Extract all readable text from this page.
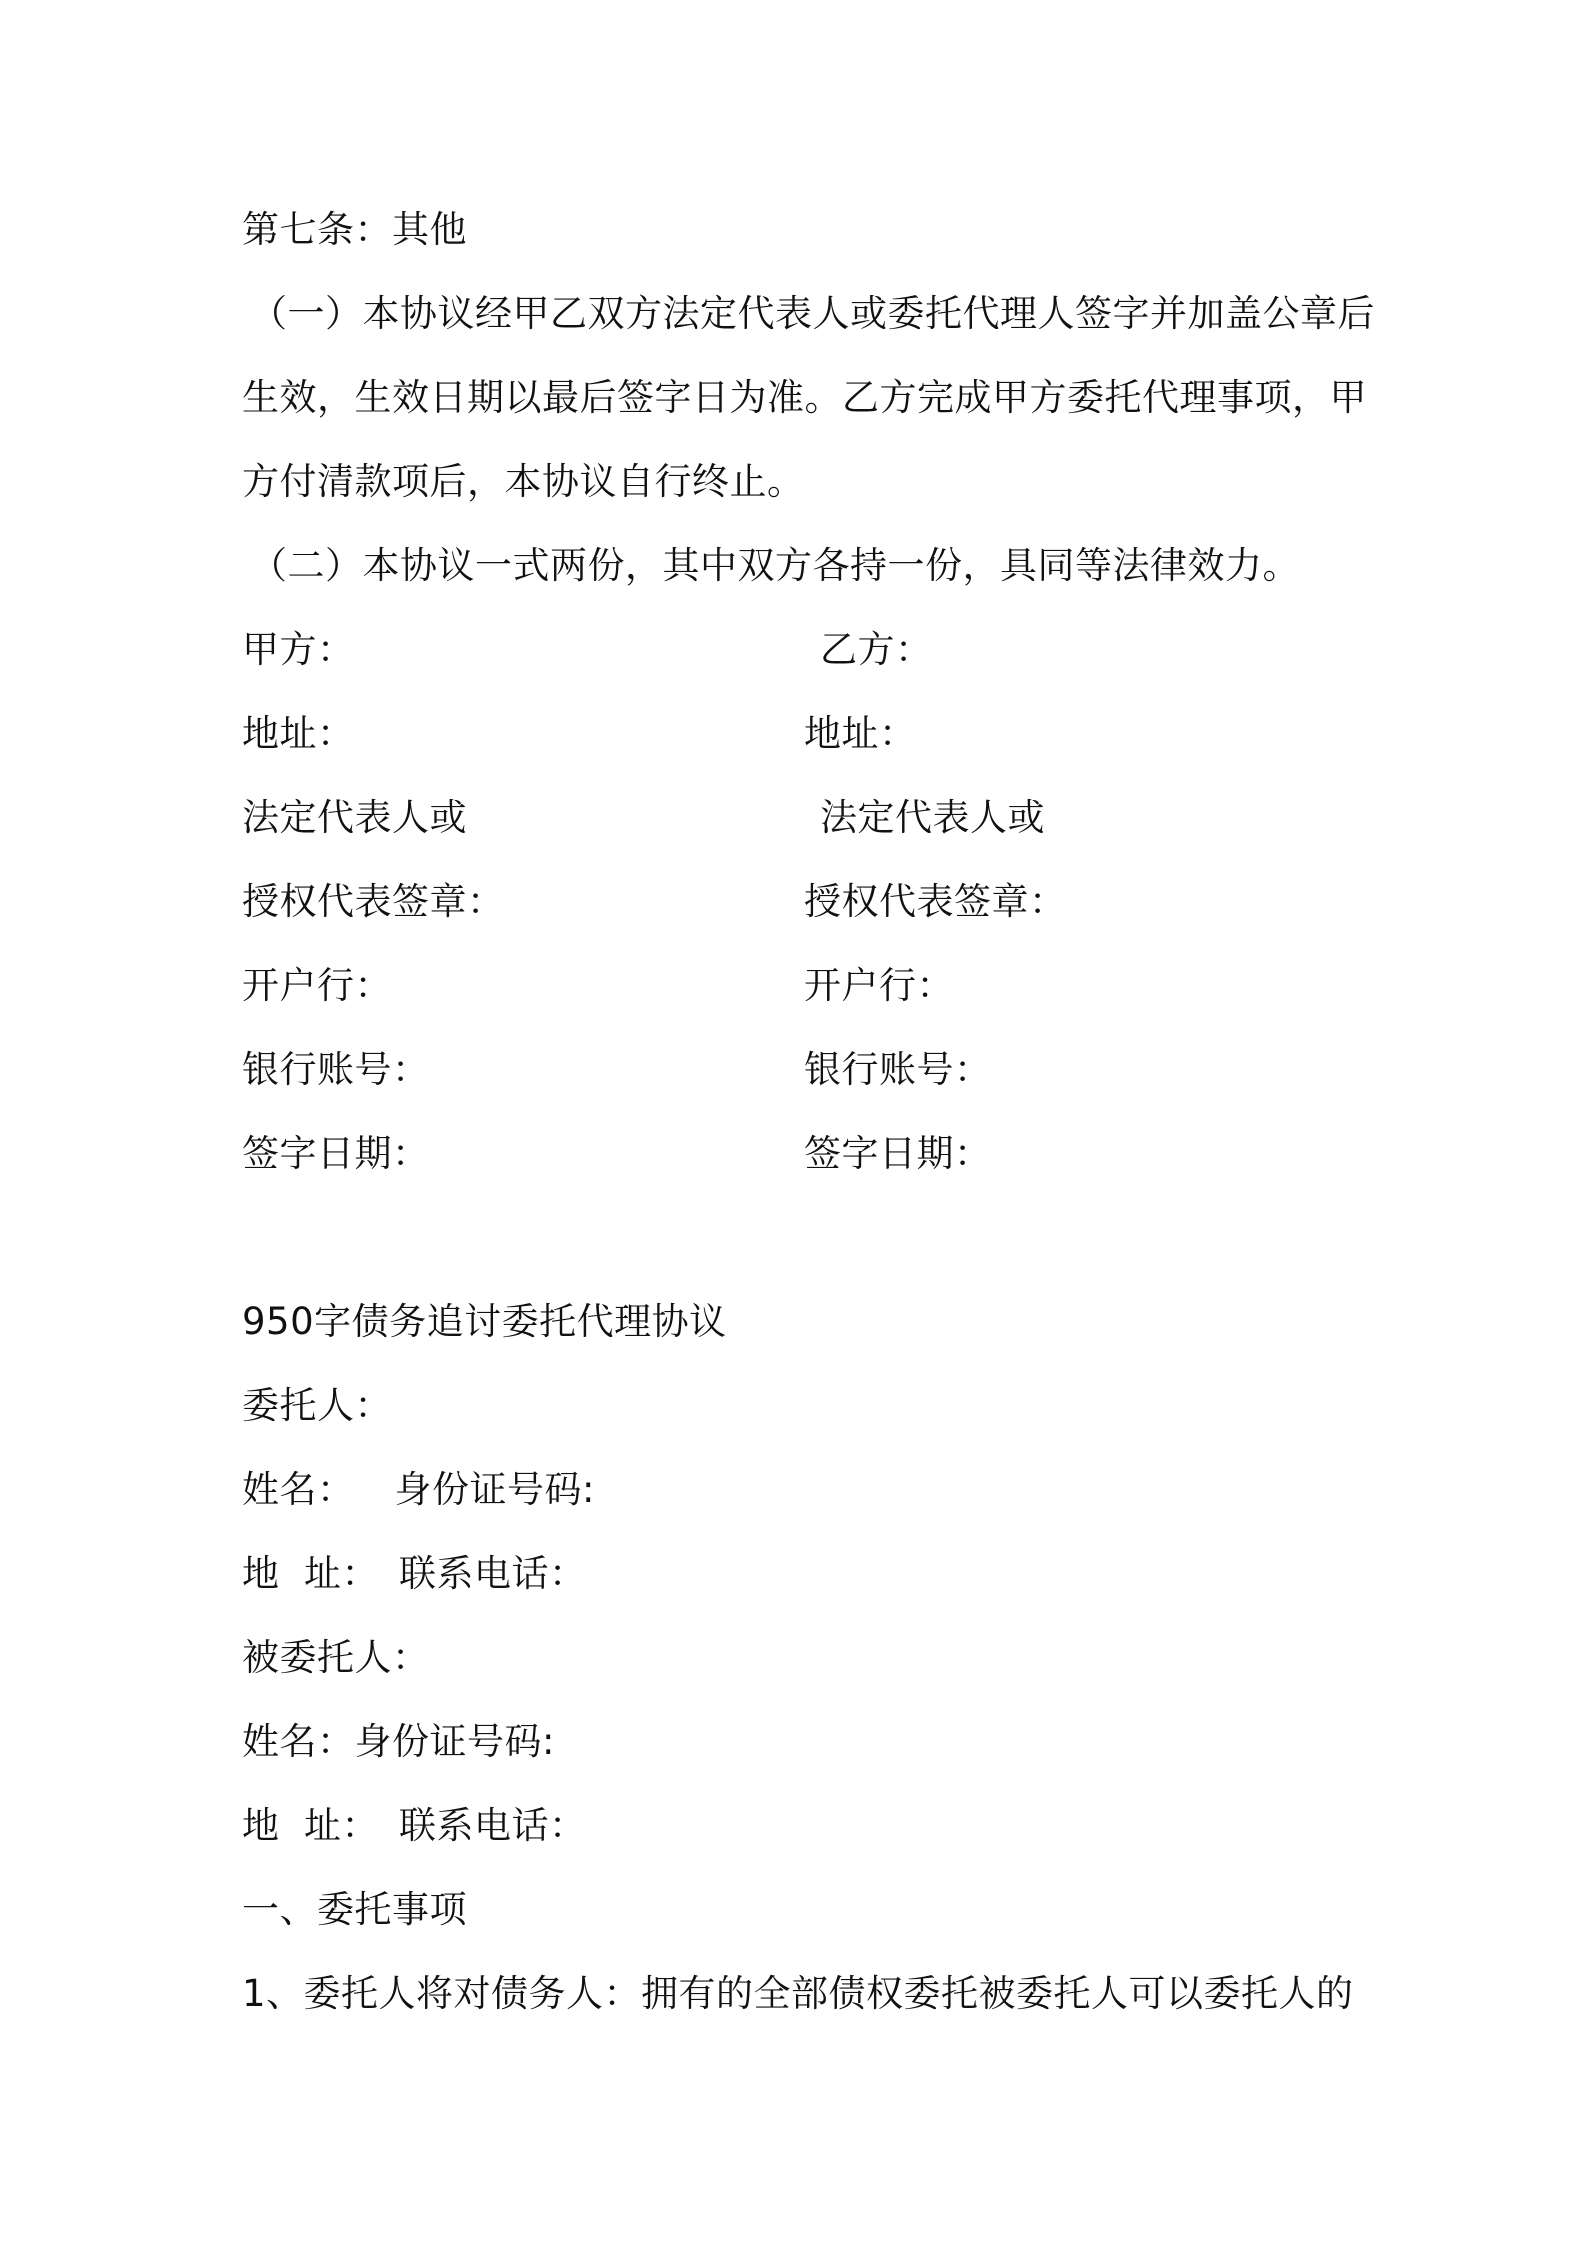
第七条：其他
（一）本协议经甲乙双方法定代表人或委托代理人签字并加盖公章后
生效，生效日期以最后签字日为准。乙方完成甲方委托代理事项，甲
方付清款项后，本协议自行终止。
（二）本协议一式两份，其中双方各持一份，具同等法律效力。
甲方：	乙方：
地址：	地址：
法定代表人或	法定代表人或
授权代表签章：	授权代表签章：
开户行：	开户行：
银行账号：	银行账号：
签字日期：	签字日期：
950字债务追讨委托代理协议
委托人：
姓名： 身份证号码:
地  址： 联系电话：
被委托人：
姓名：身份证号码:
地  址： 联系电话：
一、委托事项
1、委托人将对债务人：拥有的全部债权委托被委托人可以委托人的
